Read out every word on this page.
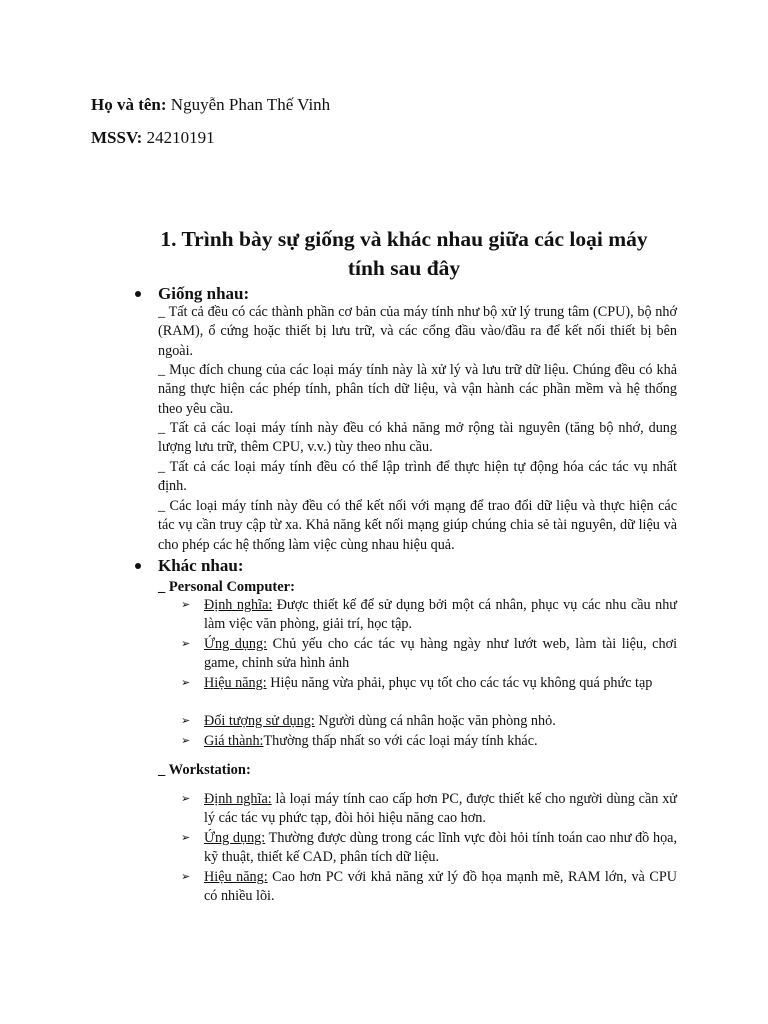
Họ và tên: Nguyễn Phan Thế Vinh
MSSV: 24210191
1. Trình bày sự giống và khác nhau giữa các loại máy tính sau đây
Giống nhau:
_ Tất cả đều có các thành phần cơ bản của máy tính như bộ xử lý trung tâm (CPU), bộ nhớ (RAM), ổ cứng hoặc thiết bị lưu trữ, và các cổng đầu vào/đầu ra để kết nối thiết bị bên ngoài.
_ Mục đích chung của các loại máy tính này là xử lý và lưu trữ dữ liệu. Chúng đều có khả năng thực hiện các phép tính, phân tích dữ liệu, và vận hành các phần mềm và hệ thống theo yêu cầu.
_ Tất cả các loại máy tính này đều có khả năng mở rộng tài nguyên (tăng bộ nhớ, dung lượng lưu trữ, thêm CPU, v.v.) tùy theo nhu cầu.
_ Tất cả các loại máy tính đều có thể lập trình để thực hiện tự động hóa các tác vụ nhất định.
_ Các loại máy tính này đều có thể kết nối với mạng để trao đổi dữ liệu và thực hiện các tác vụ cần truy cập từ xa. Khả năng kết nối mạng giúp chúng chia sẻ tài nguyên, dữ liệu và cho phép các hệ thống làm việc cùng nhau hiệu quả.
Khác nhau:
_ Personal Computer:
➢ Định nghĩa: Được thiết kế để sử dụng bởi một cá nhân, phục vụ các nhu cầu như làm việc văn phòng, giải trí, học tập.
➢ Ứng dụng: Chủ yếu cho các tác vụ hàng ngày như lướt web, làm tài liệu, chơi game, chỉnh sửa hình ảnh
➢ Hiệu năng: Hiệu năng vừa phải, phục vụ tốt cho các tác vụ không quá phức tạp
➢ Đối tượng sử dụng: Người dùng cá nhân hoặc văn phòng nhỏ.
➢ Giá thành:Thường thấp nhất so với các loại máy tính khác.
_ Workstation:
➢ Định nghĩa: là loại máy tính cao cấp hơn PC, được thiết kế cho người dùng cần xử lý các tác vụ phức tạp, đòi hỏi hiệu năng cao hơn.
➢ Ứng dụng: Thường được dùng trong các lĩnh vực đòi hỏi tính toán cao như đồ họa, kỹ thuật, thiết kế CAD, phân tích dữ liệu.
➢ Hiệu năng: Cao hơn PC với khả năng xử lý đồ họa mạnh mẽ, RAM lớn, và CPU có nhiều lõi.
